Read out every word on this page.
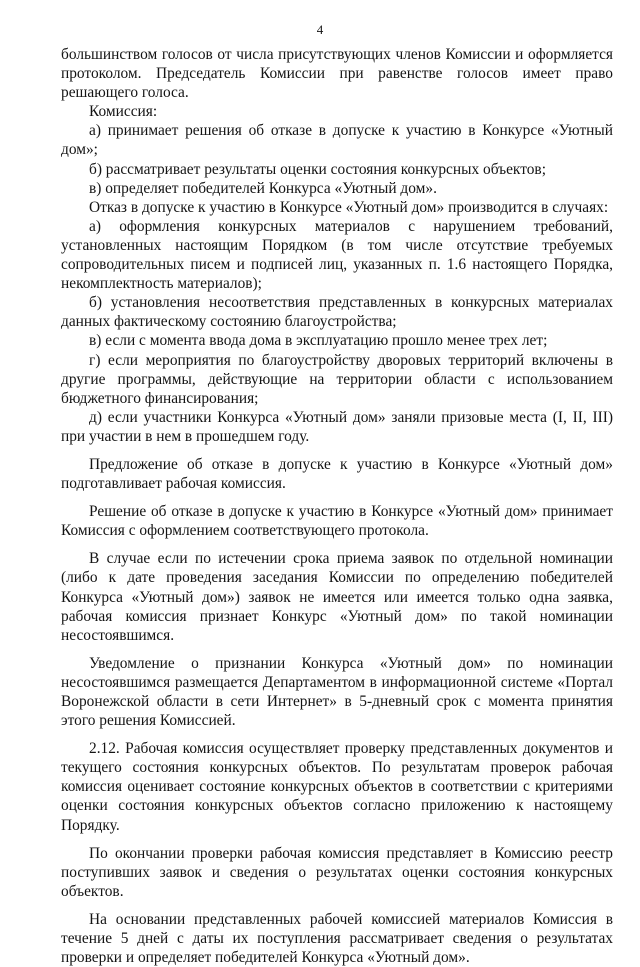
4

большинством голосов от числа присутствующих членов Комиссии и оформляется протоколом. Председатель Комиссии при равенстве голосов имеет право решающего голоса.

Комиссия:

а) принимает решения об отказе в допуске к участию в Конкурсе «Уютный дом»;

б) рассматривает результаты оценки состояния конкурсных объектов;

в) определяет победителей Конкурса «Уютный дом».

Отказ в допуске к участию в Конкурсе «Уютный дом» производится в случаях:

а) оформления конкурсных материалов с нарушением требований, установленных настоящим Порядком (в том числе отсутствие требуемых сопроводительных писем и подписей лиц, указанных п. 1.6 настоящего Порядка, некомплектность материалов);

б) установления несоответствия представленных в конкурсных материалах данных фактическому состоянию благоустройства;

в) если с момента ввода дома в эксплуатацию прошло менее трех лет;

г) если мероприятия по благоустройству дворовых территорий включены в другие программы, действующие на территории области с использованием бюджетного финансирования;

д) если участники Конкурса «Уютный дом» заняли призовые места (I, II, III) при участии в нем в прошедшем году.

Предложение об отказе в допуске к участию в Конкурсе «Уютный дом» подготавливает рабочая комиссия.

Решение об отказе в допуске к участию в Конкурсе «Уютный дом» принимает Комиссия с оформлением соответствующего протокола.

В случае если по истечении срока приема заявок по отдельной номинации (либо к дате проведения заседания Комиссии по определению победителей Конкурса «Уютный дом») заявок не имеется или имеется только одна заявка, рабочая комиссия признает Конкурс «Уютный дом» по такой номинации несостоявшимся.

Уведомление о признании Конкурса «Уютный дом» по номинации несостоявшимся размещается Департаментом в информационной системе «Портал Воронежской области в сети Интернет» в 5-дневный срок с момента принятия этого решения Комиссией.

2.12. Рабочая комиссия осуществляет проверку представленных документов и текущего состояния конкурсных объектов. По результатам проверок рабочая комиссия оценивает состояние конкурсных объектов в соответствии с критериями оценки состояния конкурсных объектов согласно приложению к настоящему Порядку.

По окончании проверки рабочая комиссия представляет в Комиссию реестр поступивших заявок и сведения о результатах оценки состояния конкурсных объектов.

На основании представленных рабочей комиссией материалов Комиссия в течение 5 дней с даты их поступления рассматривает сведения о результатах проверки и определяет победителей Конкурса «Уютный дом».
